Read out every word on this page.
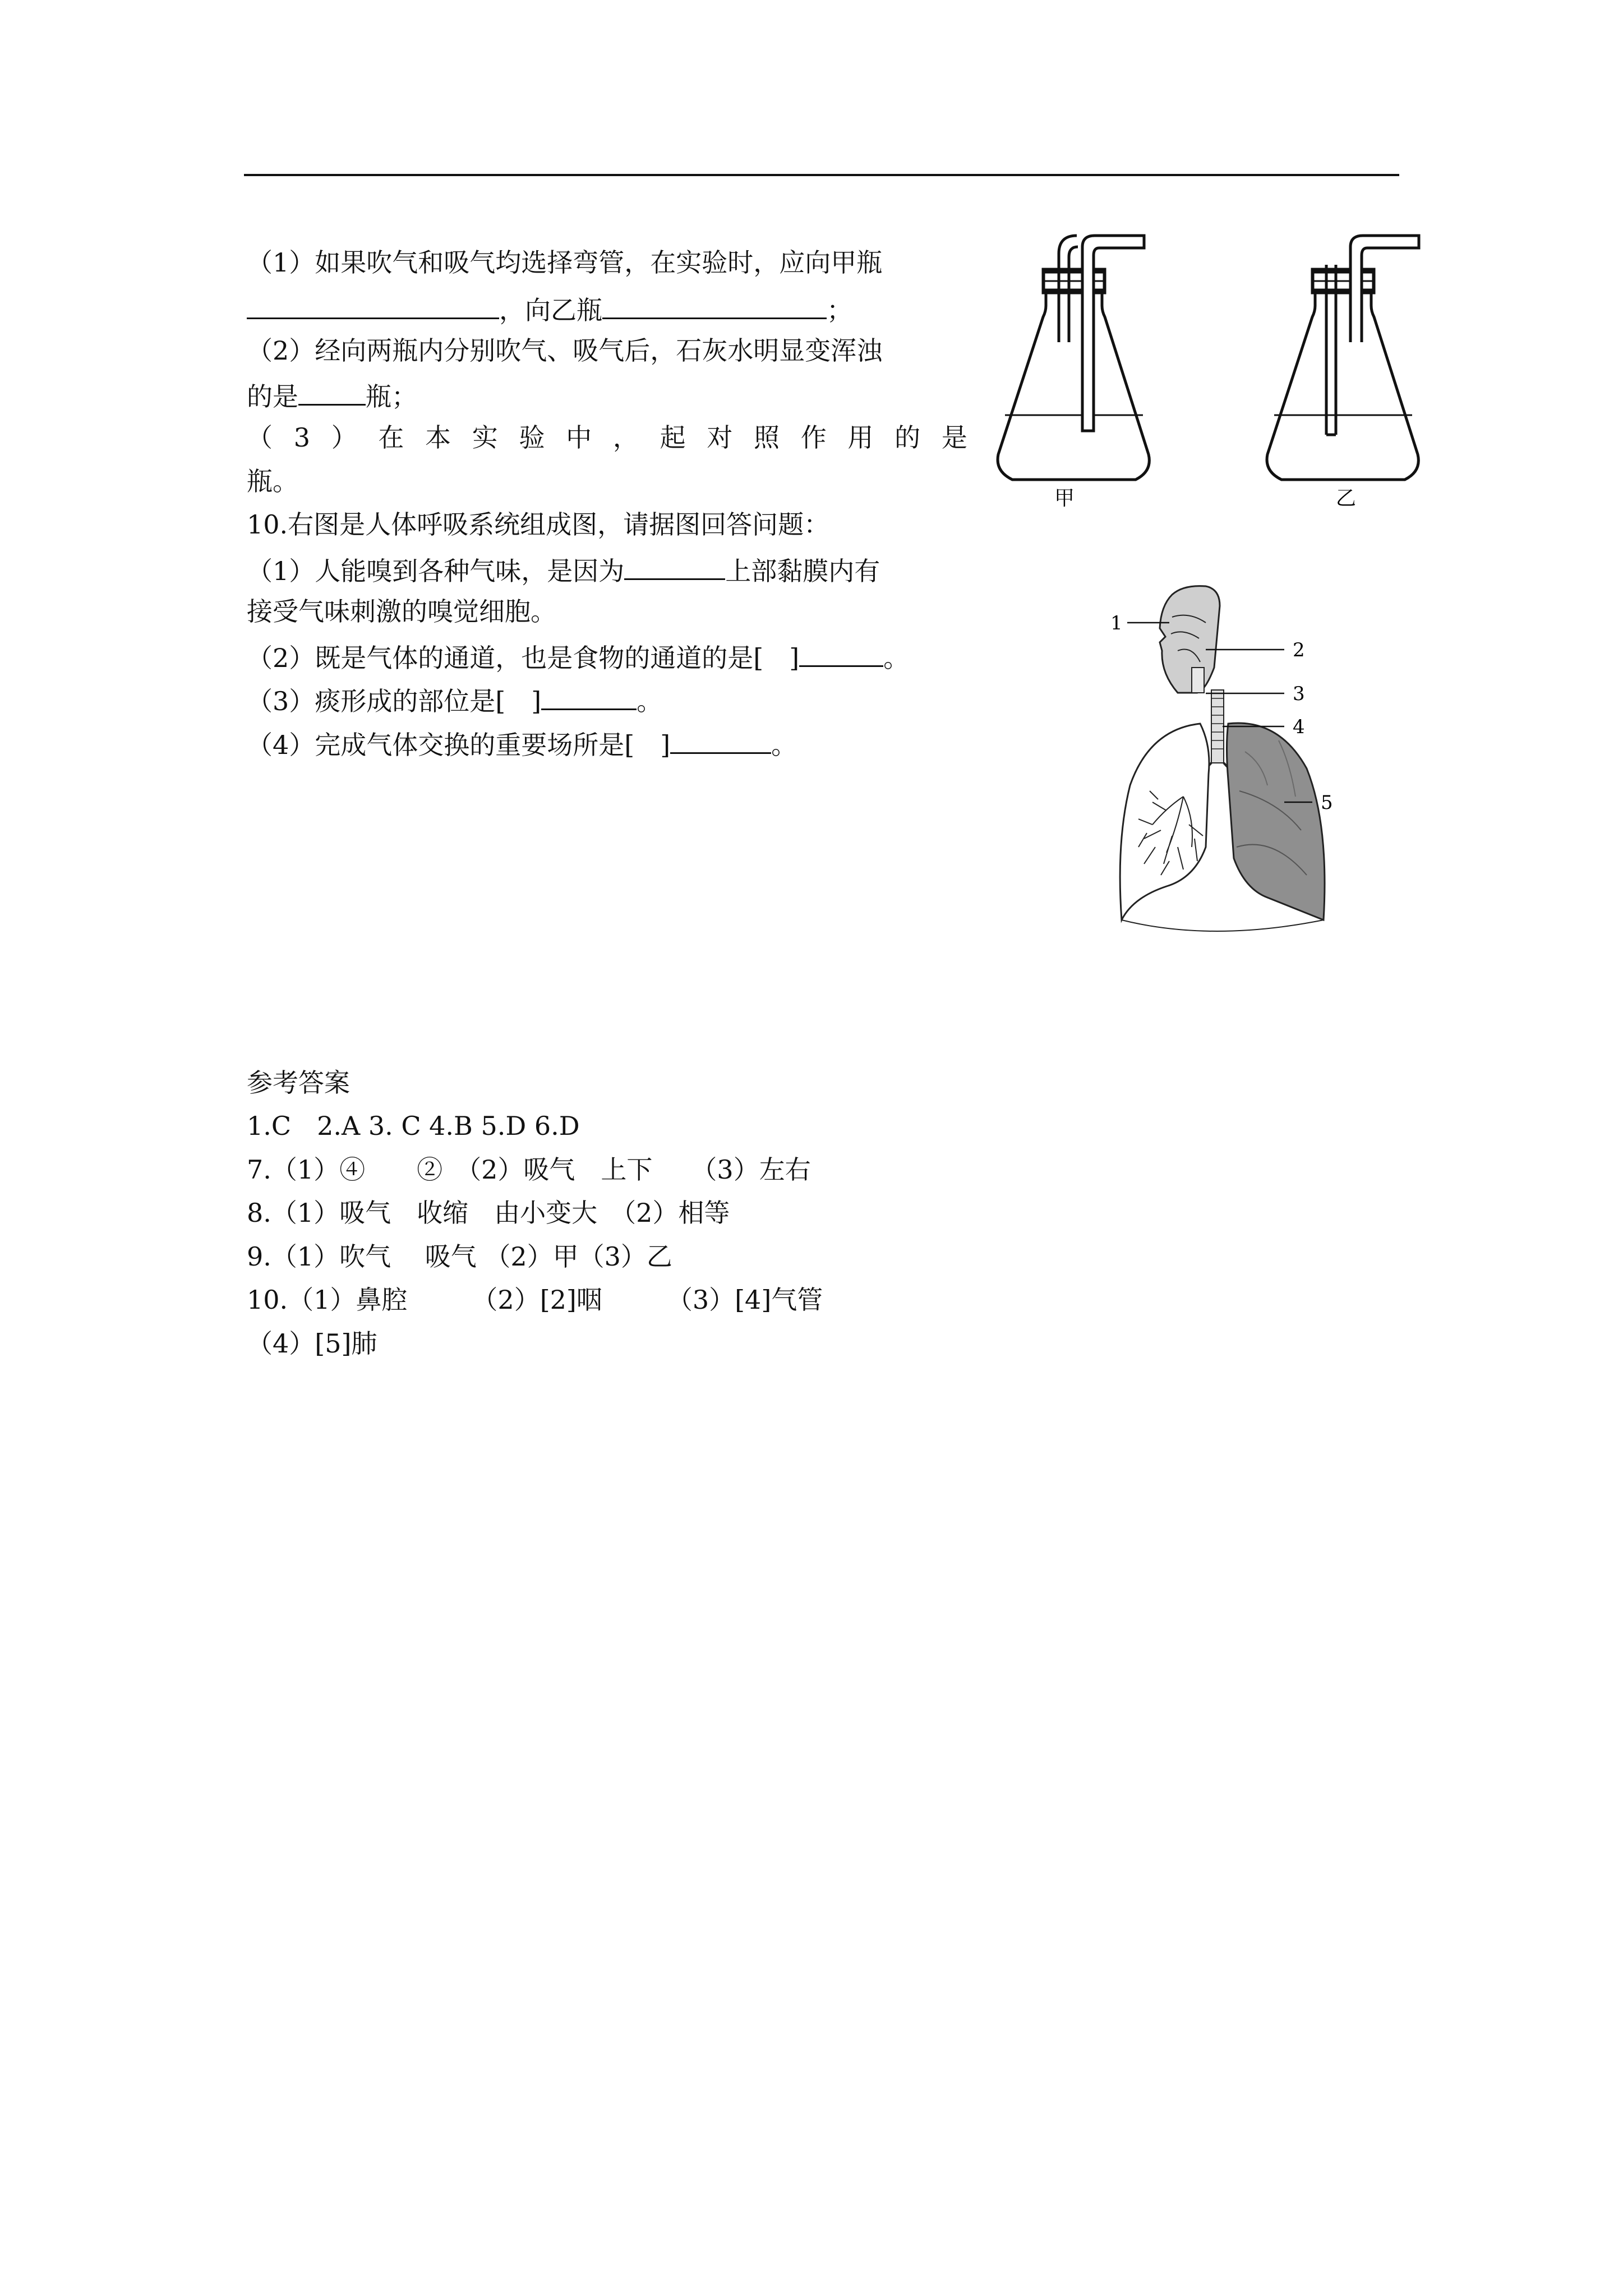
（1）如果吹气和吸气均选择弯管，在实验时，应向甲瓶
，向乙瓶	；
（2）经向两瓶内分别吹气、吸气后，石灰水明显变浑浊
的是	瓶；
（ 3 ） 在 本 实 验 中 ， 起 对 照 作 用 的 是
瓶。
10.右图是人体呼吸系统组成图，请据图回答问题：
（1）人能嗅到各种气味，是因为	上部黏膜内有
接受气味刺激的嗅觉细胞。
（2）既是气体的通道，也是食物的通道的是[　]	。
（3）痰形成的部位是[　]	。
（4）完成气体交换的重要场所是[　]	。
甲	乙
1
2
3
4
5
参考答案
1.C　2.A 3. C 4.B 5.D 6.D
7.（1）④　　②　（2）吸气　上下　　（3）左右
8.（1）吸气　收缩　由小变大　（2）相等
9.（1）吹气　 吸气 （2）甲（3）乙
10.（1）鼻腔　　　（2）[2]咽　　　（3）[4]气管
（4）[5]肺
